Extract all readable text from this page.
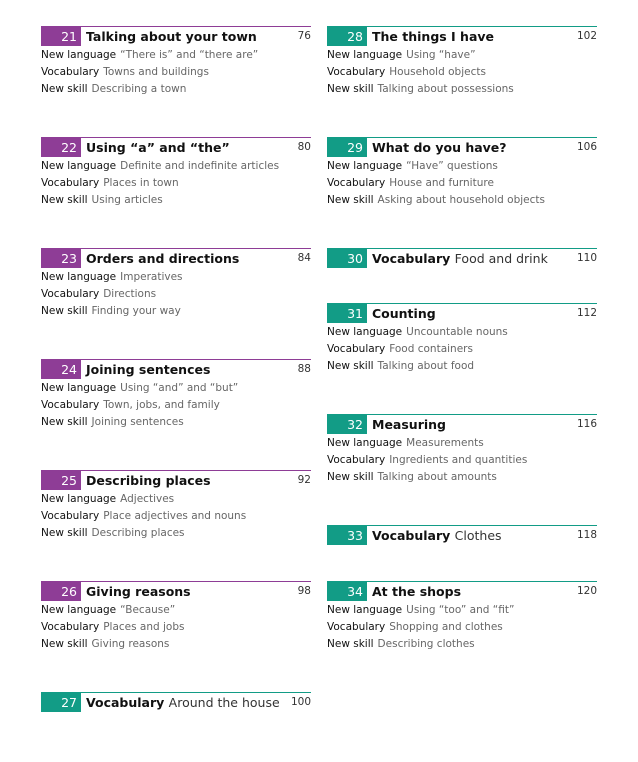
21 Talking about your town	76
New language “There is” and “there are”
Vocabulary Towns and buildings
New skill Describing a town
22 Using “a” and “the”	80
New language Definite and indefinite articles
Vocabulary Places in town
New skill Using articles
23 Orders and directions	84
New language Imperatives
Vocabulary Directions
New skill Finding your way
24 Joining sentences	88
New language Using “and” and “but”
Vocabulary Town, jobs, and family
New skill Joining sentences
25 Describing places	92
New language Adjectives
Vocabulary Place adjectives and nouns
New skill Describing places
26 Giving reasons	98
New language “Because”
Vocabulary Places and jobs
New skill Giving reasons
27 Vocabulary Around the house 100
28 The things I have	102
New language Using “have”
Vocabulary Household objects
New skill Talking about possessions
29 What do you have?	106
New language “Have” questions
Vocabulary House and furniture
New skill Asking about household objects
30 Vocabulary Food and drink	110
31 Counting	112
New language Uncountable nouns
Vocabulary Food containers
New skill Talking about food
32 Measuring	116
New language Measurements
Vocabulary Ingredients and quantities
New skill Talking about amounts
33 Vocabulary Clothes	118
34 At the shops	120
New language Using “too” and “fit”
Vocabulary Shopping and clothes
New skill Describing clothes
